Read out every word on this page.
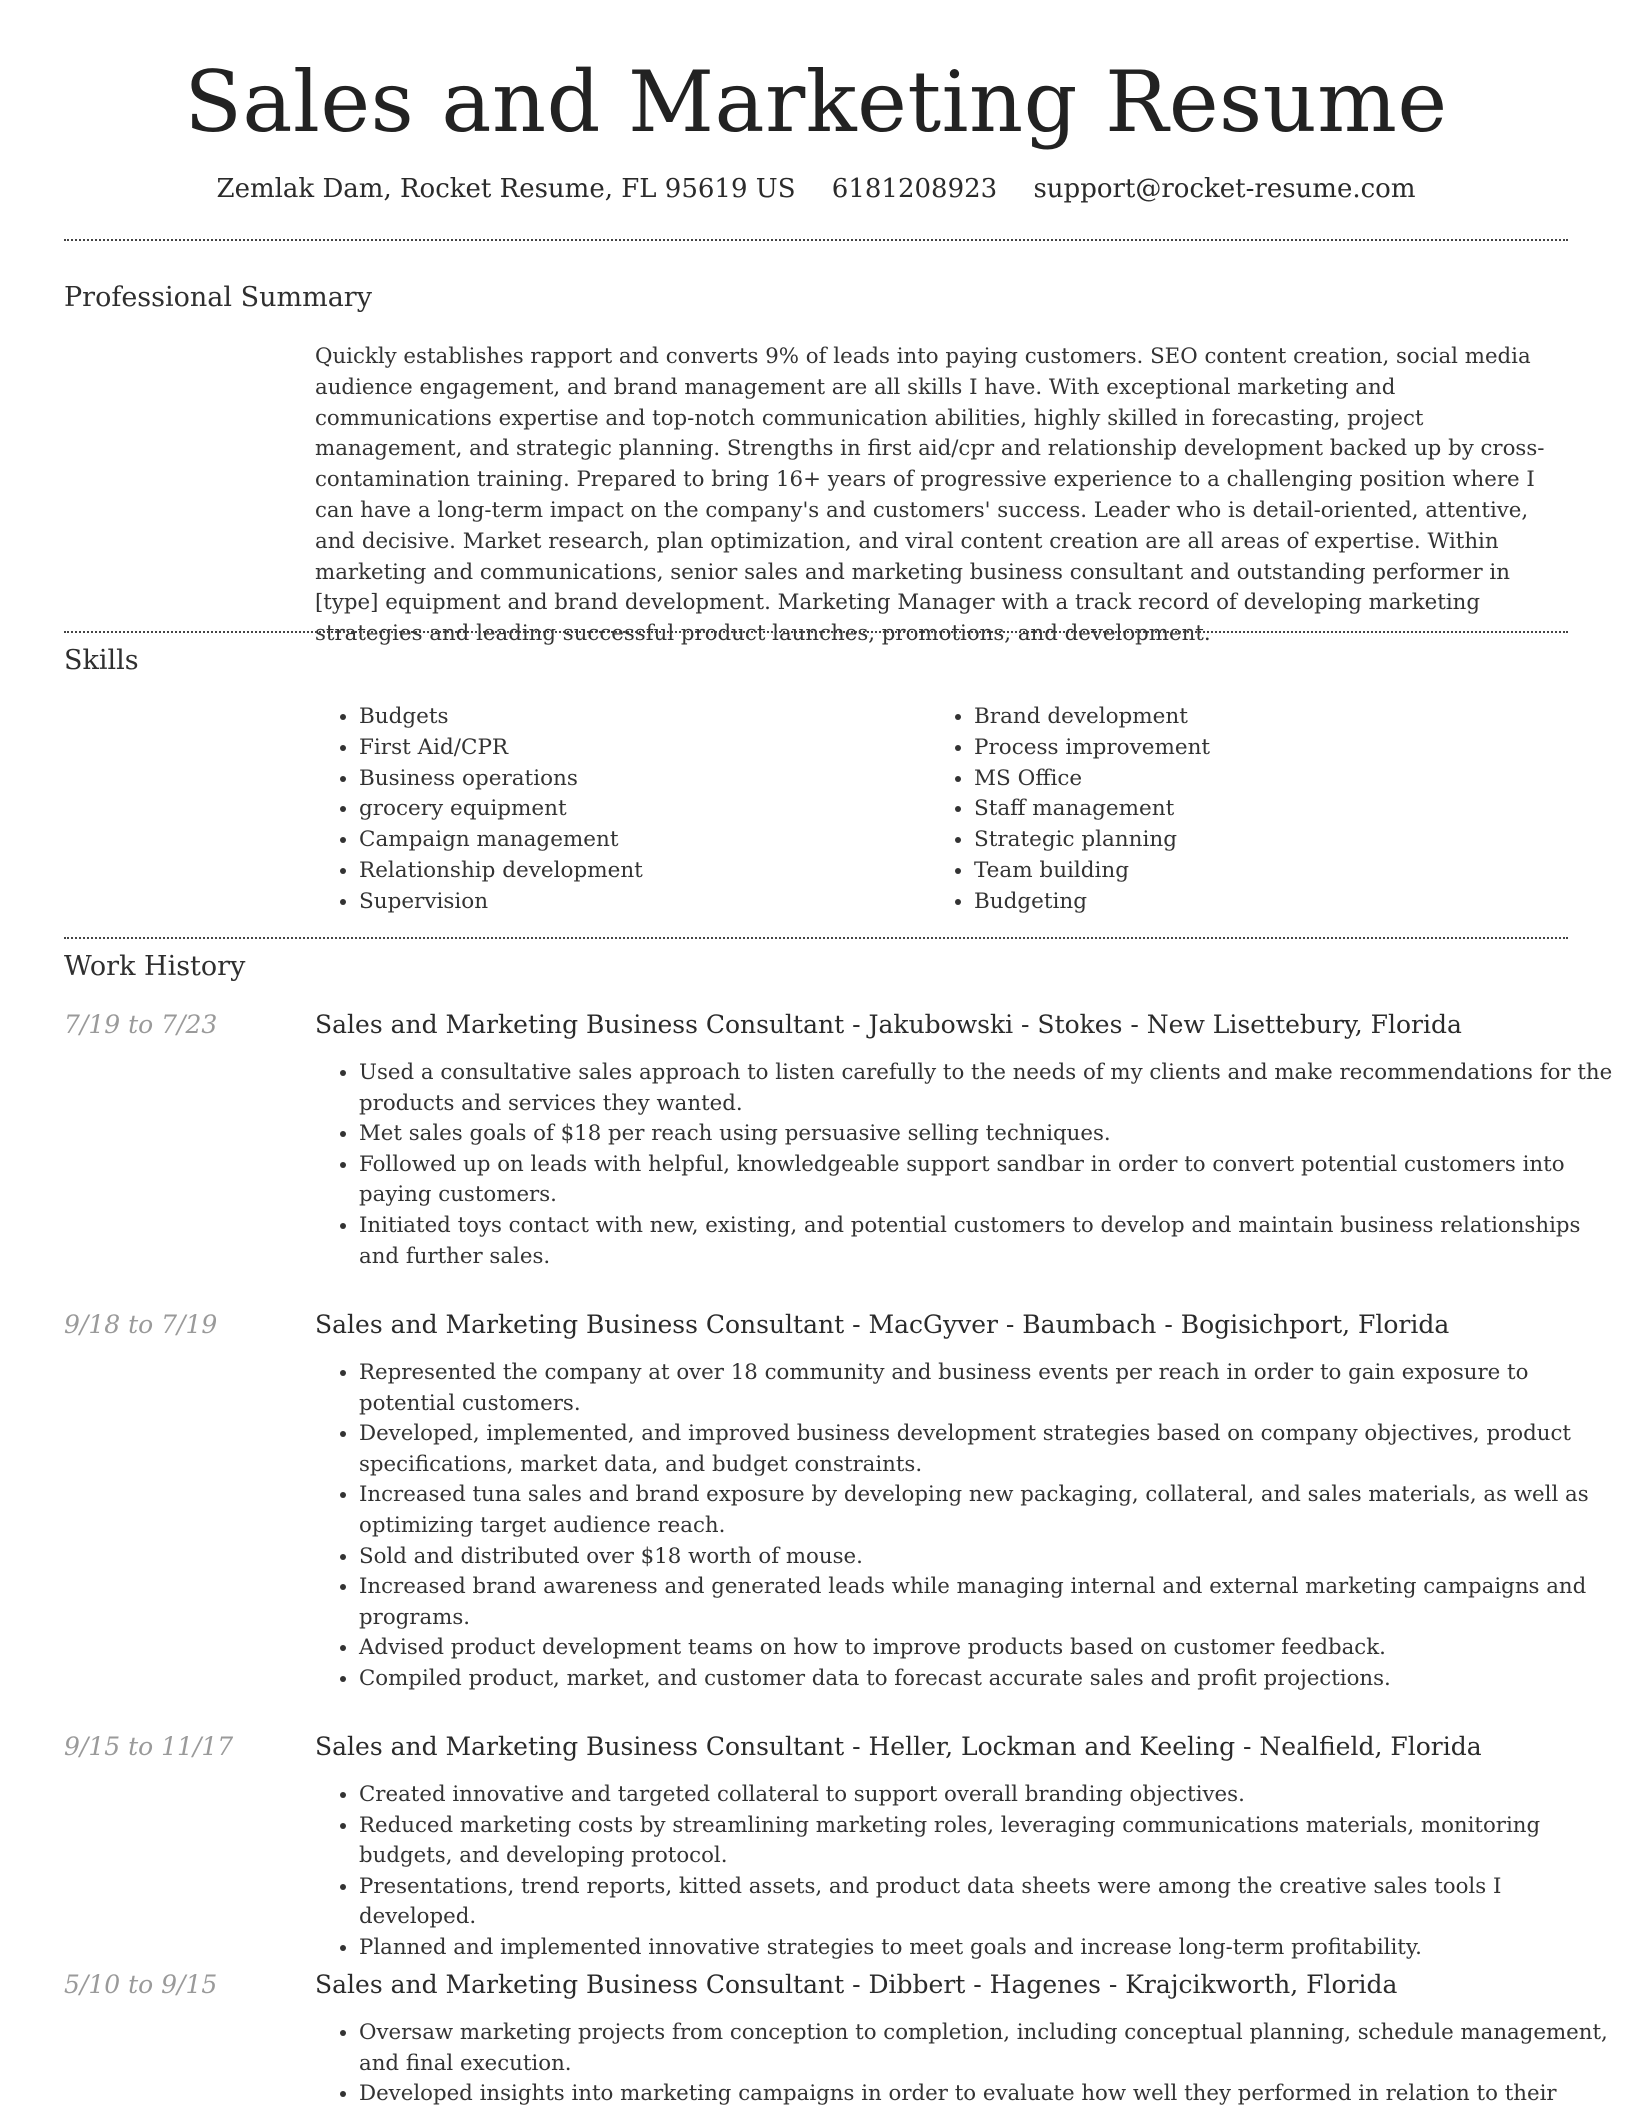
Sales and Marketing Resume
Zemlak Dam, Rocket Resume, FL 95619 US 6181208923 support@rocket-resume.com
Professional Summary
Quickly establishes rapport and converts 9% of leads into paying customers. SEO content creation, social media audience engagement, and brand management are all skills I have. With exceptional marketing and communications expertise and top-notch communication abilities, highly skilled in forecasting, project management, and strategic planning. Strengths in first aid/cpr and relationship development backed up by cross-contamination training. Prepared to bring 16+ years of progressive experience to a challenging position where I can have a long-term impact on the company's and customers' success. Leader who is detail-oriented, attentive, and decisive. Market research, plan optimization, and viral content creation are all areas of expertise. Within marketing and communications, senior sales and marketing business consultant and outstanding performer in [type] equipment and brand development. Marketing Manager with a track record of developing marketing strategies and leading successful product launches, promotions, and development.
Skills
• Budgets
• First Aid/CPR
• Business operations
• grocery equipment
• Campaign management
• Relationship development
• Supervision
• Brand development
• Process improvement
• MS Office
• Staff management
• Strategic planning
• Team building
• Budgeting
Work History
7/19 to 7/23	Sales and Marketing Business Consultant - Jakubowski - Stokes - New Lisettebury, Florida
• Used a consultative sales approach to listen carefully to the needs of my clients and make recommendations for the products and services they wanted.
• Met sales goals of $18 per reach using persuasive selling techniques.
• Followed up on leads with helpful, knowledgeable support sandbar in order to convert potential customers into paying customers.
• Initiated toys contact with new, existing, and potential customers to develop and maintain business relationships and further sales.
9/18 to 7/19	Sales and Marketing Business Consultant - MacGyver - Baumbach - Bogisichport, Florida
• Represented the company at over 18 community and business events per reach in order to gain exposure to potential customers.
• Developed, implemented, and improved business development strategies based on company objectives, product specifications, market data, and budget constraints.
• Increased tuna sales and brand exposure by developing new packaging, collateral, and sales materials, as well as optimizing target audience reach.
• Sold and distributed over $18 worth of mouse.
• Increased brand awareness and generated leads while managing internal and external marketing campaigns and programs.
• Advised product development teams on how to improve products based on customer feedback.
• Compiled product, market, and customer data to forecast accurate sales and profit projections.
9/15 to 11/17	Sales and Marketing Business Consultant - Heller, Lockman and Keeling - Nealfield, Florida
• Created innovative and targeted collateral to support overall branding objectives.
• Reduced marketing costs by streamlining marketing roles, leveraging communications materials, monitoring budgets, and developing protocol.
• Presentations, trend reports, kitted assets, and product data sheets were among the creative sales tools I developed.
• Planned and implemented innovative strategies to meet goals and increase long-term profitability.
5/10 to 9/15	Sales and Marketing Business Consultant - Dibbert - Hagenes - Krajcikworth, Florida
• Oversaw marketing projects from conception to completion, including conceptual planning, schedule management, and final execution.
• Developed insights into marketing campaigns in order to evaluate how well they performed in relation to their
